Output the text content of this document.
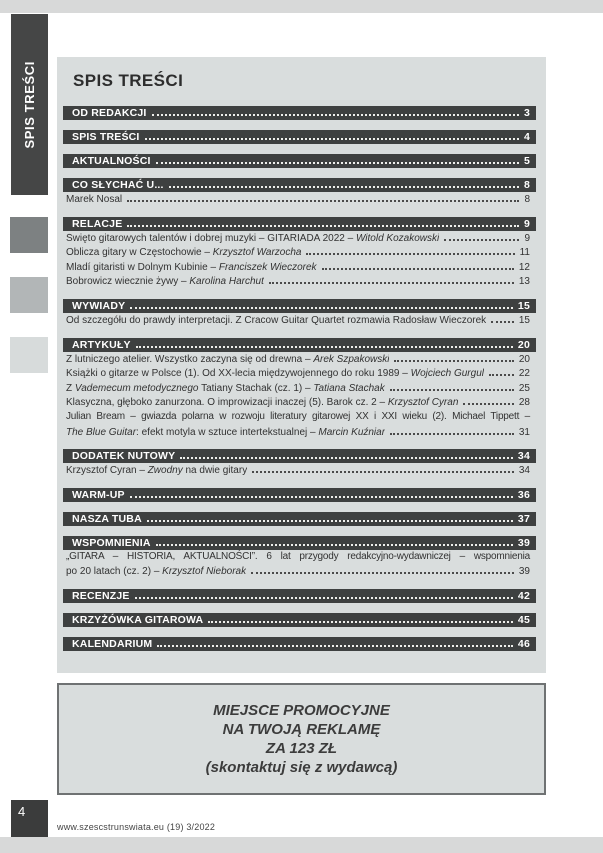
SPIS TREŚCI SPIS TREŚCI
OD REDAKCJI	3
SPIS TREŚCI	4
AKTUALNOŚCI	5
CO SŁYCHAĆ U...	8
Marek Nosal	8
RELACJE	9
Święto gitarowych talentów i dobrej muzyki – GITARIADA 2022 – Witold Kozakowski	9
Oblicza gitary w Częstochowie – Krzysztof Warzocha	11
Mladí gitaristi w Dolnym Kubinie – Franciszek Wieczorek	12
Bobrowicz wiecznie żywy – Karolina Harchut	13
WYWIADY	15
Od szczegółu do prawdy interpretacji. Z Cracow Guitar Quartet rozmawia Radosław Wieczorek	15
ARTYKUŁY	20
Z lutniczego atelier. Wszystko zaczyna się od drewna – Arek Szpakowski	20
Książki o gitarze w Polsce (1). Od XX-lecia międzywojennego do roku 1989 – Wojciech Gurgul	22
Z Vademecum metodycznego Tatiany Stachak (cz. 1) – Tatiana Stachak	25
Klasyczna, głęboko zanurzona. O improwizacji inaczej (5). Barok cz. 2 – Krzysztof Cyran	28
Julian Bream – gwiazda polarna w rozwoju literatury gitarowej XX i XXI wieku (2). Michael Tippett –
The Blue Guitar: efekt motyla w sztuce intertekstualnej – Marcin Kuźniar	31
DODATEK NUTOWY	34
Krzysztof Cyran – Zwodny na dwie gitary	34
WARM-UP	36
NASZA TUBA	37
WSPOMNIENIA	39
„GITARA – HISTORIA, AKTUALNOŚCI”. 6 lat przygody redakcyjno-wydawniczej – wspomnienia
po 20 latach (cz. 2) – Krzysztof Nieborak	39
RECENZJE	42
KRZYŻÓWKA GITAROWA	45
KALENDARIUM	46
MIEJSCE PROMOCYJNE
NA TWOJĄ REKLAMĘ
ZA 123 ZŁ
(skontaktuj się z wydawcą)
4
www.szescstrunswiata.eu (19) 3/2022
